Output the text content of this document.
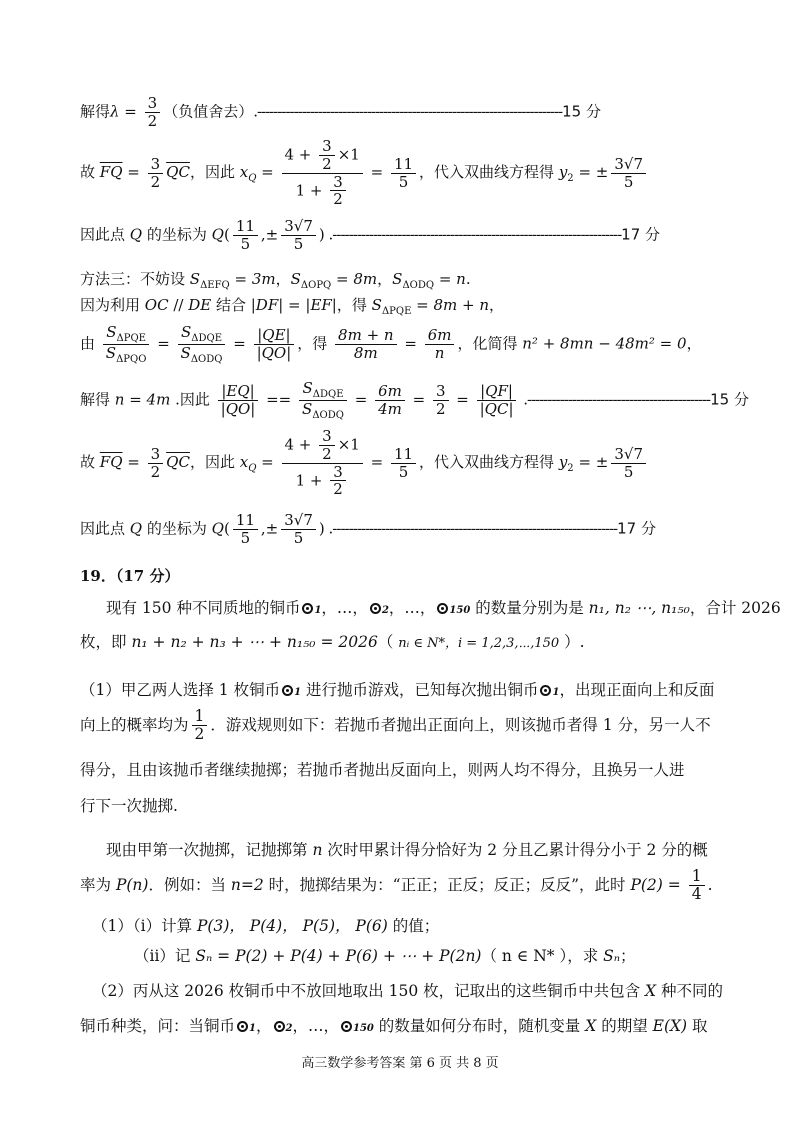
解得$\lambda = \frac{3}{2}$ （负值舍去）.---------------------------------------------------------------------------15 分
故 $\overline{FQ} = \frac{3}{2} \overline{QC}$，因此 $x_Q = \frac{4 + \frac{3}{2} \times 1}{1 + \frac{3}{2}} = \frac{11}{5}$ ，代入双曲线方程得 $y_2$ = ± $\frac{3√7}{5}$
因此点 Q 的坐标为 $Q( \frac{11}{5}$ ,± $\frac{3√7}{5}$ ) .-----------------------------------------------------------------------17 分
方法三：不妨设 $S_{\Delta EFQ} = 3m$，$S_{\Delta OPQ} = 8m$，$S_{\Delta ODQ} = n$.
因为利用 OC // DE 结合 |DF| = |EF|，得 $S_{\Delta PQE} = 8m + n$，
由 $\frac{S_{\Delta PQE}}{S_{\Delta PQO}} = \frac{S_{\Delta DQE}}{S_{\Delta ODQ}} = \frac{|QE|}{|QO|}$ ，得 $\frac{8m + n}{8m} = \frac{6m}{n}$ ，化简得 n² + 8mn − 48m² = 0，
解得 n = 4m .因此 $\frac{|EQ|}{|QO|} == \frac{S_{\Delta DQE}}{S_{\Delta ODQ}} = \frac{6m}{4m} = \frac{3}{2} = \frac{|QF|}{|QC|} .---------------------------------------------15$ 分
故 $\overline{FQ} = \frac{3}{2} \overline{QC}$，因此 $x_Q = \frac{4 + \frac{3}{2} \times 1}{1 + \frac{3}{2}} = \frac{11}{5}$ ，代入双曲线方程得 $y_2$ = ± $\frac{3√7}{5}$
因此点 Q 的坐标为 $Q( \frac{11}{5}$ ,± $\frac{3√7}{5}$ ) .----------------------------------------------------------------------17 分
19．（17 分）
现有 150 种不同质地的铜币 1，…， 2，…， 150 的数量分别为是 n₁, n₂ ⋯, n₁₅₀，合计 2026
枚，即 n₁ + n₂ + n₃ + ⋯ + n₁₅₀ = 2026（ nᵢ ∈ N*，i = 1,2,3,⋯,150 ）.
（1）甲乙两人选择 1 枚铜币 1 进行抛币游戏，已知每次抛出铜币 1，出现正面向上和反面
向上的概率均为 $\frac{1}{2}$ ．游戏规则如下：若抛币者抛出正面向上，则该抛币者得 1 分，另一人不
得分，且由该抛币者继续抛掷；若抛币者抛出反面向上，则两人均不得分，且换另一人进
行下一次抛掷.
现由甲第一次抛掷，记抛掷第 n 次时甲累计得分恰好为 2 分且乙累计得分小于 2 分的概
率为 P(n)．例如：当 n=2 时，抛掷结果为：“正正；正反；反正；反反”，此时 $P(2) = \frac{1}{4}$ .
（1）（i）计算 P(3)， P(4)， P(5)， P(6) 的值；
（ii）记 Sₙ = P(2) + P(4) + P(6) + ⋯ + P(2n)（ n ∈ N* ），求 Sₙ；
（2）丙从这 2026 枚铜币中不放回地取出 150 枚，记取出的这些铜币中共包含 X 种不同的
铜币种类，问：当铜币 1， 2，…， 150 的数量如何分布时，随机变量 X 的期望 E(X) 取
高三数学参考答案 第 6 页 共 8 页
